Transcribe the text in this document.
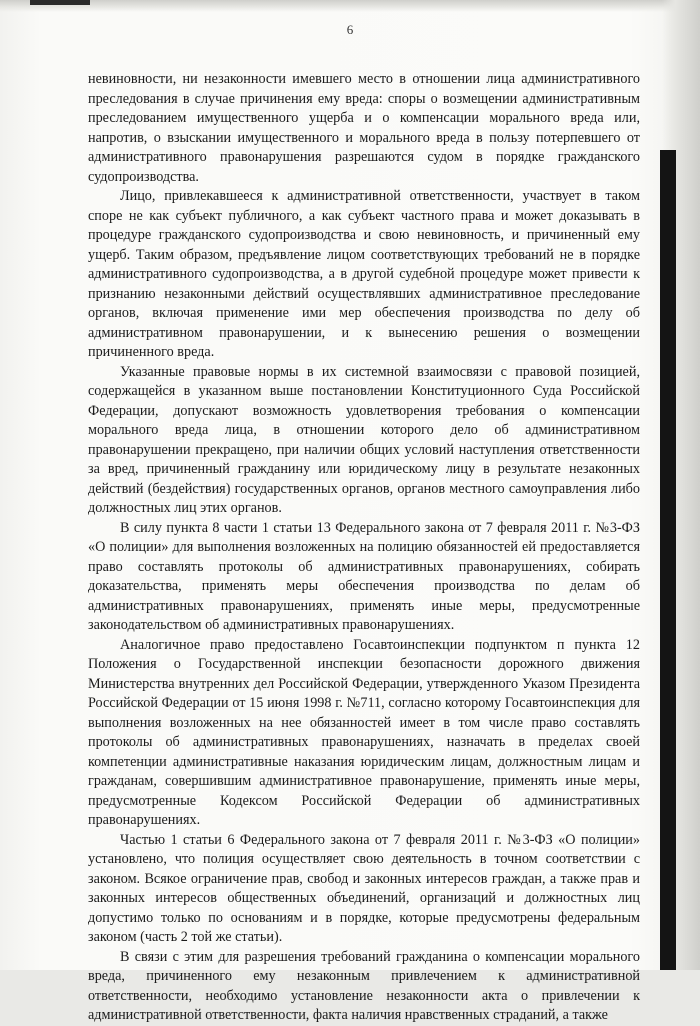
6

невиновности, ни незаконности имевшего место в отношении лица административного преследования в случае причинения ему вреда: споры о возмещении административным преследованием имущественного ущерба и о компенсации морального вреда или, напротив, о взыскании имущественного и морального вреда в пользу потерпевшего от административного правонарушения разрешаются судом в порядке гражданского судопроизводства.

Лицо, привлекавшееся к административной ответственности, участвует в таком споре не как субъект публичного, а как субъект частного права и может доказывать в процедуре гражданского судопроизводства и свою невиновность, и причиненный ему ущерб. Таким образом, предъявление лицом соответствующих требований не в порядке административного судопроизводства, а в другой судебной процедуре может привести к признанию незаконными действий осуществлявших административное преследование органов, включая применение ими мер обеспечения производства по делу об административном правонарушении, и к вынесению решения о возмещении причиненного вреда.

Указанные правовые нормы в их системной взаимосвязи с правовой позицией, содержащейся в указанном выше постановлении Конституционного Суда Российской Федерации, допускают возможность удовлетворения требования о компенсации морального вреда лица, в отношении которого дело об административном правонарушении прекращено, при наличии общих условий наступления ответственности за вред, причиненный гражданину или юридическому лицу в результате незаконных действий (бездействия) государственных органов, органов местного самоуправления либо должностных лиц этих органов.

В силу пункта 8 части 1 статьи 13 Федерального закона от 7 февраля 2011 г. №3-ФЗ «О полиции» для выполнения возложенных на полицию обязанностей ей предоставляется право составлять протоколы об административных правонарушениях, собирать доказательства, применять меры обеспечения производства по делам об административных правонарушениях, применять иные меры, предусмотренные законодательством об административных правонарушениях.

Аналогичное право предоставлено Госавтоинспекции подпунктом п пункта 12 Положения о Государственной инспекции безопасности дорожного движения Министерства внутренних дел Российской Федерации, утвержденного Указом Президента Российской Федерации от 15 июня 1998 г. №711, согласно которому Госавтоинспекция для выполнения возложенных на нее обязанностей имеет в том числе право составлять протоколы об административных правонарушениях, назначать в пределах своей компетенции административные наказания юридическим лицам, должностным лицам и гражданам, совершившим административное правонарушение, применять иные меры, предусмотренные Кодексом Российской Федерации об административных правонарушениях.

Частью 1 статьи 6 Федерального закона от 7 февраля 2011 г. №3-ФЗ «О полиции» установлено, что полиция осуществляет свою деятельность в точном соответствии с законом. Всякое ограничение прав, свобод и законных интересов граждан, а также прав и законных интересов общественных объединений, организаций и должностных лиц допустимо только по основаниям и в порядке, которые предусмотрены федеральным законом (часть 2 той же статьи).

В связи с этим для разрешения требований гражданина о компенсации морального вреда, причиненного ему незаконным привлечением к административной ответственности, необходимо установление незаконности акта о привлечении к административной ответственности, факта наличия нравственных страданий, а также
